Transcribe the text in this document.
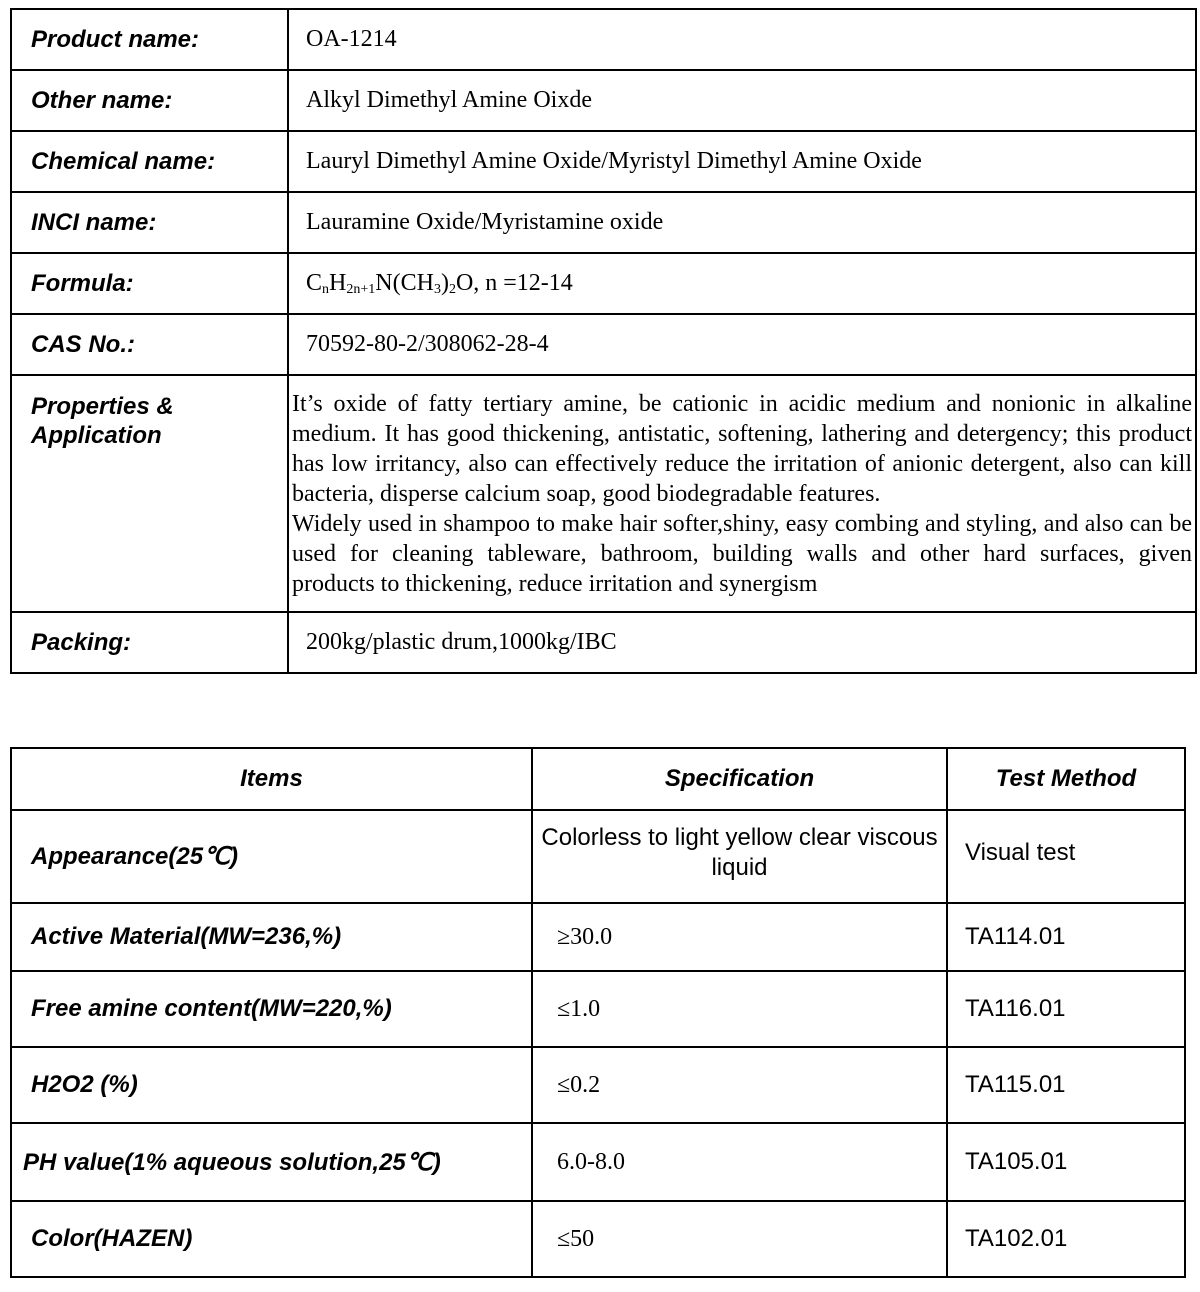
Product name:	OA-1214
Other name:	Alkyl Dimethyl Amine Oixde
Chemical name:	Lauryl Dimethyl Amine Oxide/Myristyl Dimethyl Amine Oxide
INCI name:	Lauramine Oxide/Myristamine oxide
Formula:	$C_nH_{2n+1}N(CH_3)_2O$, n =12-14
CAS No.:	70592-80-2/308062-28-4
Properties &
Application	It’s oxide of fatty tertiary amine, be cationic in acidic medium and nonionic in alkaline medium. It has good thickening, antistatic, softening, lathering and detergency; this product has low irritancy, also can effectively reduce the irritation of anionic detergent, also can kill bacteria, disperse calcium soap, good biodegradable features.
Widely used in shampoo to make hair softer,shiny, easy combing and styling, and also can be used for cleaning tableware, bathroom, building walls and other hard surfaces, given products to thickening, reduce irritation and synergism

Packing:	200kg/plastic drum,1000kg/IBC
Items	Specification	Test Method
Appearance(25℃)	Colorless to light yellow clear viscous liquid	Visual test
Active Material(MW=236,%)	≥30.0	TA114.01
Free amine content(MW=220,%)	≤1.0	TA116.01
H2O2 (%)	≤0.2	TA115.01
PH value(1% aqueous solution,25℃)	6.0-8.0	TA105.01
Color(HAZEN)	≤50	TA102.01
